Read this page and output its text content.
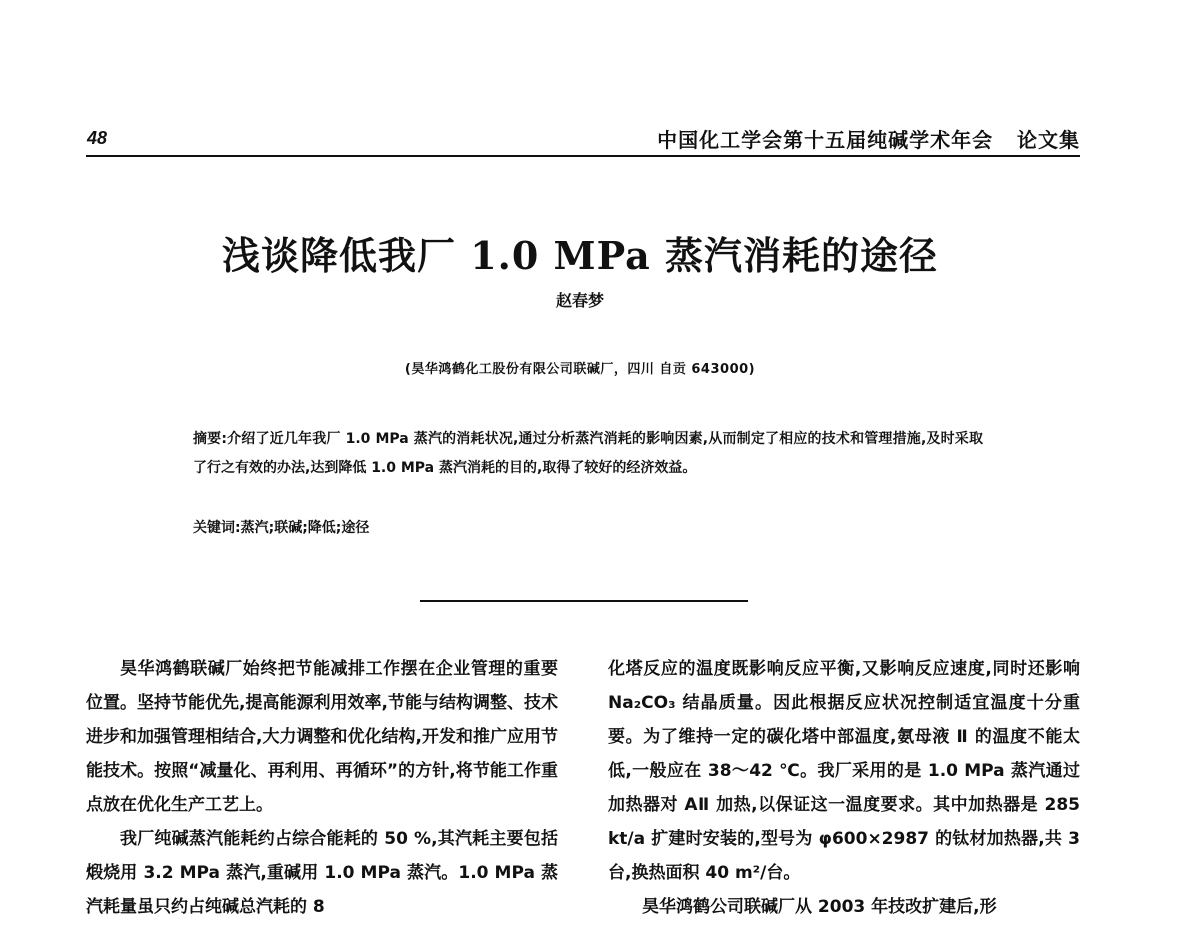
48	中国化工学会第十五届纯碱学术年会   论文集
浅谈降低我厂 1.0 MPa 蒸汽消耗的途径
赵春梦
(昊华鸿鹤化工股份有限公司联碱厂，四川 自贡 643000)
摘要:介绍了近几年我厂 1.0 MPa 蒸汽的消耗状况,通过分析蒸汽消耗的影响因素,从而制定了相应的技术和管理措施,及时采取了行之有效的办法,达到降低 1.0 MPa 蒸汽消耗的目的,取得了较好的经济效益。
关键词:蒸汽;联碱;降低;途径

昊华鸿鹤联碱厂始终把节能减排工作摆在企业管理的重要位置。坚持节能优先,提高能源利用效率,节能与结构调整、技术进步和加强管理相结合,大力调整和优化结构,开发和推广应用节能技术。按照“减量化、再利用、再循环”的方针,将节能工作重点放在优化生产工艺上。

我厂纯碱蒸汽能耗约占综合能耗的 50 %,其汽耗主要包括煅烧用 3.2 MPa 蒸汽,重碱用 1.0 MPa 蒸汽。1.0 MPa 蒸汽耗量虽只约占纯碱总汽耗的 8

化塔反应的温度既影响反应平衡,又影响反应速度,同时还影响 Na₂CO₃ 结晶质量。因此根据反应状况控制适宜温度十分重要。为了维持一定的碳化塔中部温度,氨母液 Ⅱ 的温度不能太低,一般应在 38～42 ℃。我厂采用的是 1.0 MPa 蒸汽通过加热器对 AⅡ 加热,以保证这一温度要求。其中加热器是 285 kt/a 扩建时安装的,型号为 φ600×2987 的钛材加热器,共 3 台,换热面积 40 m²/台。

昊华鸿鹤公司联碱厂从 2003 年技改扩建后,形
